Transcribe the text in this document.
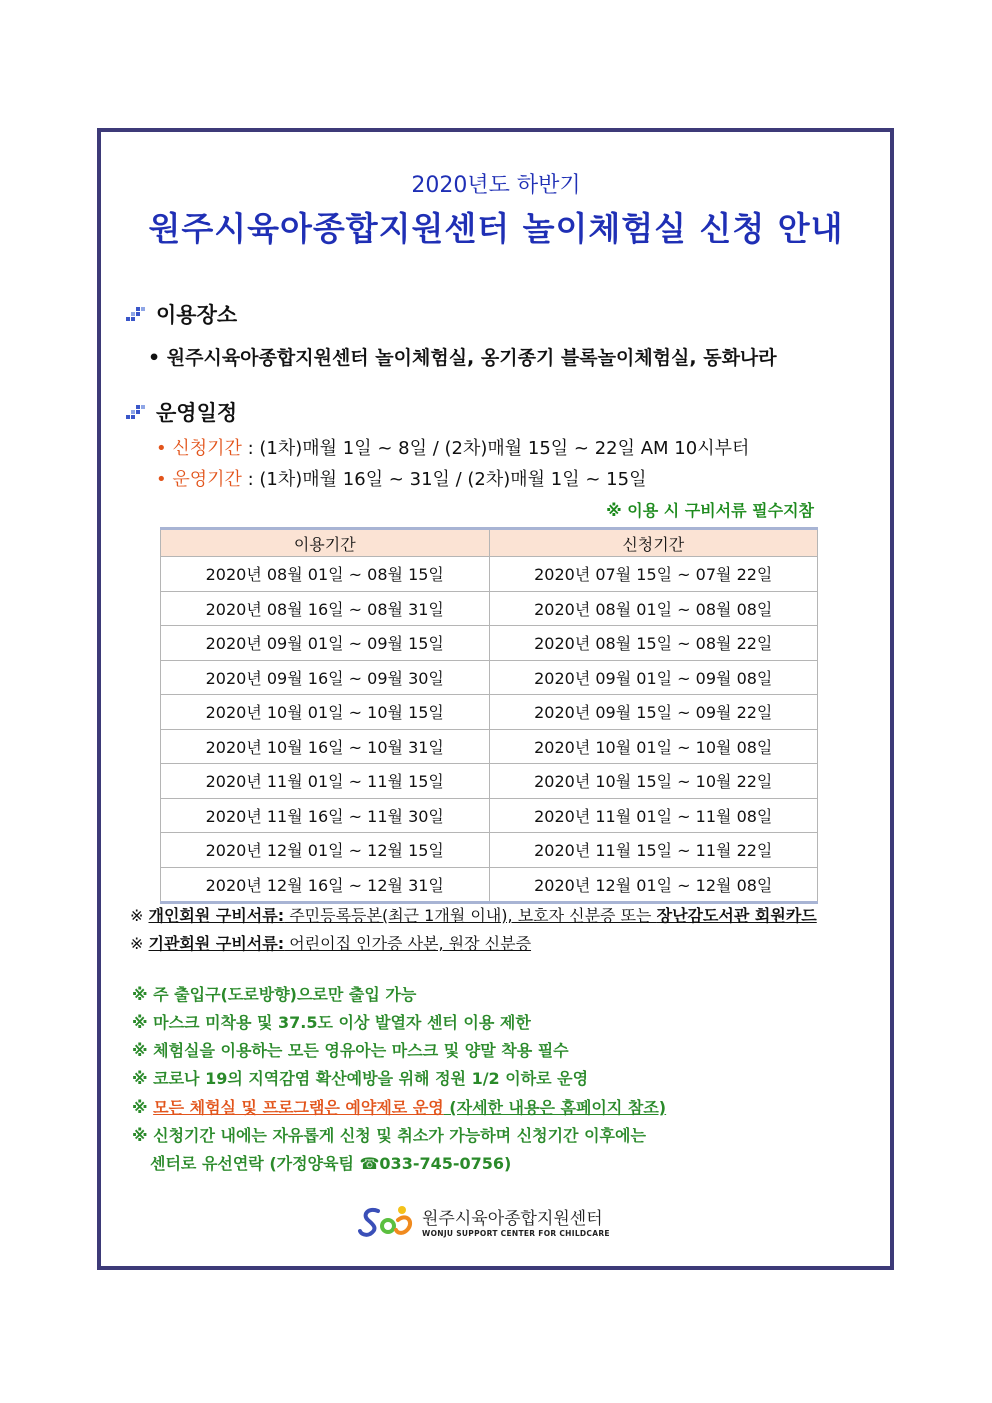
2020년도 하반기
원주시육아종합지원센터 놀이체험실 신청 안내
이용장소
• 원주시육아종합지원센터 놀이체험실, 옹기종기 블록놀이체험실, 동화나라
운영일정
• 신청기간 : (1차)매월 1일 ~ 8일 / (2차)매월 15일 ~ 22일 AM 10시부터
• 운영기간 : (1차)매월 16일 ~ 31일 / (2차)매월 1일 ~ 15일
※ 이용 시 구비서류 필수지참
이용기간	신청기간
2020년 08월 01일 ~ 08월 15일	2020년 07월 15일 ~ 07월 22일
2020년 08월 16일 ~ 08월 31일	2020년 08월 01일 ~ 08월 08일
2020년 09월 01일 ~ 09월 15일	2020년 08월 15일 ~ 08월 22일
2020년 09월 16일 ~ 09월 30일	2020년 09월 01일 ~ 09월 08일
2020년 10월 01일 ~ 10월 15일	2020년 09월 15일 ~ 09월 22일
2020년 10월 16일 ~ 10월 31일	2020년 10월 01일 ~ 10월 08일
2020년 11월 01일 ~ 11월 15일	2020년 10월 15일 ~ 10월 22일
2020년 11월 16일 ~ 11월 30일	2020년 11월 01일 ~ 11월 08일
2020년 12월 01일 ~ 12월 15일	2020년 11월 15일 ~ 11월 22일
2020년 12월 16일 ~ 12월 31일	2020년 12월 01일 ~ 12월 08일
※ 개인회원 구비서류: 주민등록등본(최근 1개월 이내), 보호자 신분증 또는 장난감도서관 회원카드
※ 기관회원 구비서류: 어린이집 인가증 사본, 원장 신분증
※ 주 출입구(도로방향)으로만 출입 가능
※ 마스크 미착용 및 37.5도 이상 발열자 센터 이용 제한
※ 체험실을 이용하는 모든 영유아는 마스크 및 양말 착용 필수
※ 코로나 19의 지역감염 확산예방을 위해 정원 1/2 이하로 운영
※ 모든 체험실 및 프로그램은 예약제로 운영 (자세한 내용은 홈페이지 참조)
※ 신청기간 내에는 자유롭게 신청 및 취소가 가능하며 신청기간 이후에는
센터로 유선연락 (가정양육팀 ☎033-745-0756)
원주시육아종합지원센터
WONJU SUPPORT CENTER FOR CHILDCARE
